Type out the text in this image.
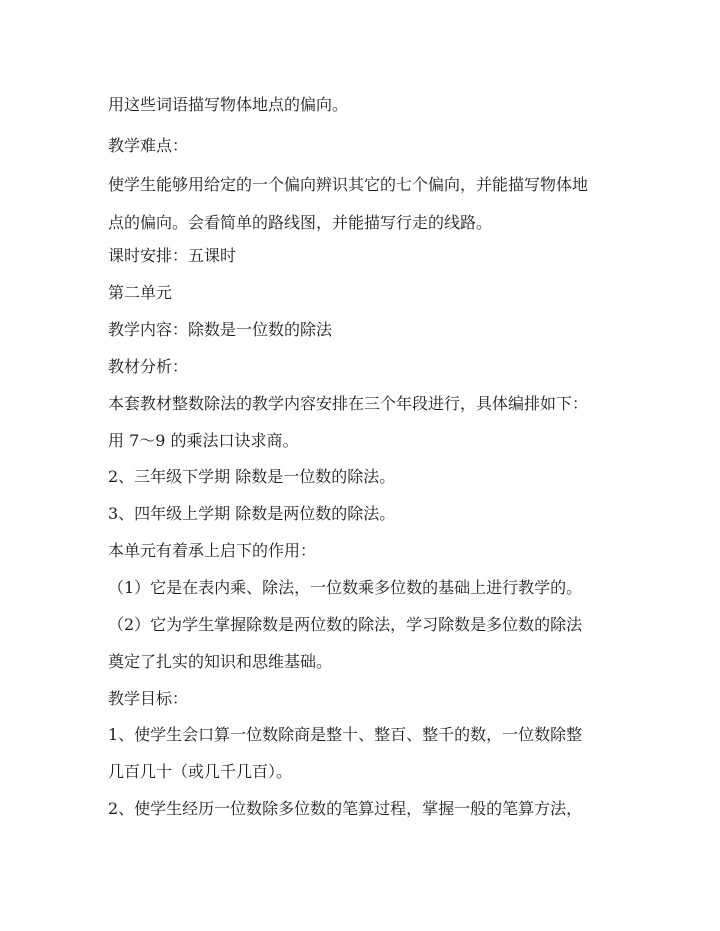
用这些词语描写物体地点的偏向。
教学难点：
使学生能够用给定的一个偏向辨识其它的七个偏向，并能描写物体地
点的偏向。会看简单的路线图，并能描写行走的线路。
课时安排：五课时
第二单元
教学内容：除数是一位数的除法
教材分析：
本套教材整数除法的教学内容安排在三个年段进行，具体编排如下：
用 7～9 的乘法口诀求商。
2、三年级下学期 除数是一位数的除法。
3、四年级上学期 除数是两位数的除法。
本单元有着承上启下的作用：
（1）它是在表内乘、除法，一位数乘多位数的基础上进行教学的。
（2）它为学生掌握除数是两位数的除法，学习除数是多位数的除法
奠定了扎实的知识和思维基础。
教学目标：
1、使学生会口算一位数除商是整十、整百、整千的数，一位数除整
几百几十（或几千几百）。
2、使学生经历一位数除多位数的笔算过程，掌握一般的笔算方法，
